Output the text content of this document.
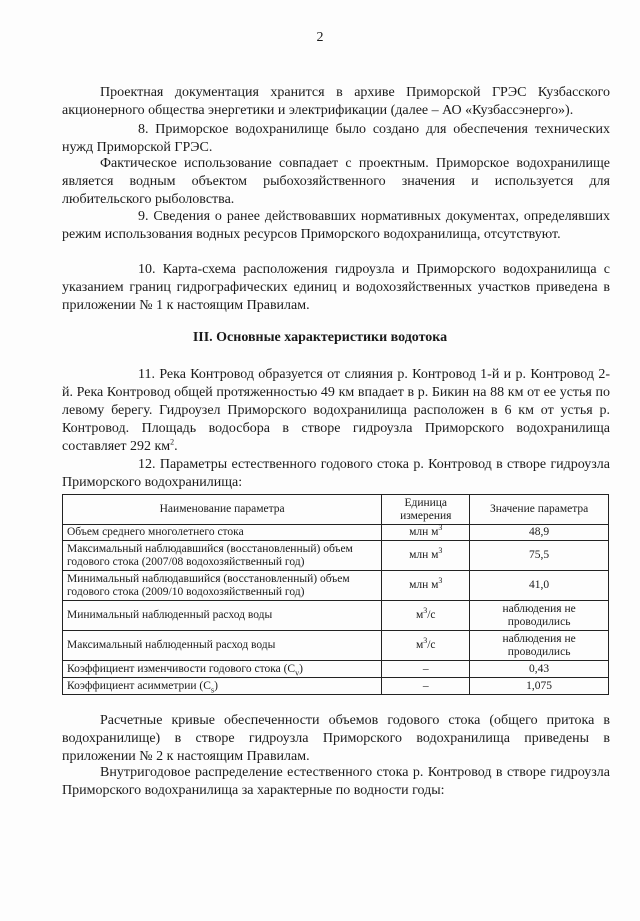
2

Проектная документация хранится в архиве Приморской ГРЭС Кузбасского акционерного общества энергетики и электрификации (далее – АО «Кузбассэнерго»).

8. Приморское водохранилище было создано для обеспечения технических нужд Приморской ГРЭС.

Фактическое использование совпадает с проектным. Приморское водохранилище является водным объектом рыбохозяйственного значения и используется для любительского рыболовства.

9. Сведения о ранее действовавших нормативных документах, определявших режим использования водных ресурсов Приморского водохранилища, отсутствуют.

10. Карта-схема расположения гидроузла и Приморского водохранилища с указанием границ гидрографических единиц и водохозяйственных участков приведена в приложении № 1 к настоящим Правилам.

III. Основные характеристики водотока

11. Река Контровод образуется от слияния р. Контровод 1-й и р. Контровод 2-й. Река Контровод общей протяженностью 49 км впадает в р. Бикин на 88 км от ее устья по левому берегу. Гидроузел Приморского водохранилища расположен в 6 км от устья р. Контровод. Площадь водосбора в створе гидроузла Приморского водохранилища составляет 292 $км^2$.

12. Параметры естественного годового стока р. Контровод в створе гидроузла Приморского водохранилища:

Наименование параметра	Единица измерения	Значение параметра
Объем среднего многолетнего стока	млн $м^3$	48,9
Максимальный наблюдавшийся (восстановленный) объем годового стока (2007/08 водохозяйственный год)	млн $м^3$	75,5
Минимальный наблюдавшийся (восстановленный) объем годового стока (2009/10 водохозяйственный год)	млн $м^3$	41,0
Минимальный наблюденный расход воды	$м^3/с$	наблюдения не проводились
Максимальный наблюденный расход воды	$м^3/с$	наблюдения не проводились
Коэффициент изменчивости годового стока $(C_v)$	–	0,43
Коэффициент асимметрии $(C_s)$	–	1,075

Расчетные кривые обеспеченности объемов годового стока (общего притока в водохранилище) в створе гидроузла Приморского водохранилища приведены в приложении № 2 к настоящим Правилам.

Внутригодовое распределение естественного стока р. Контровод в створе гидроузла Приморского водохранилища за характерные по водности годы:
